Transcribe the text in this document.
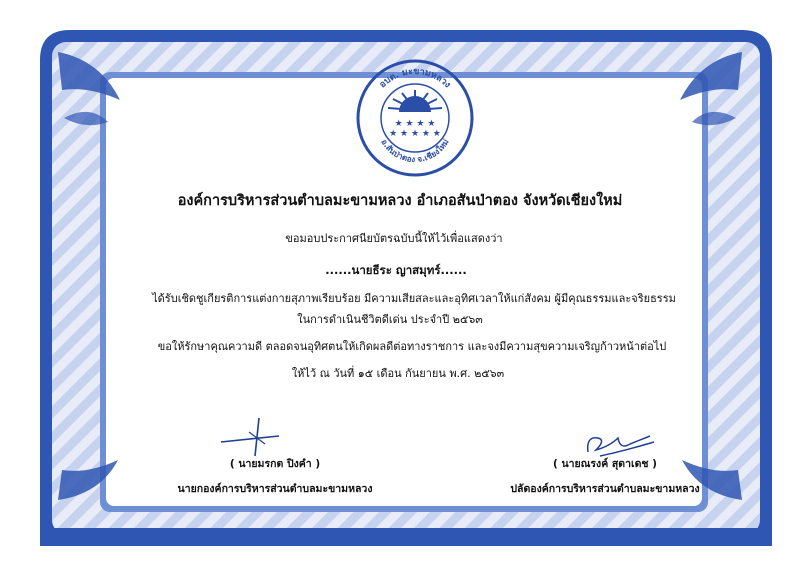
อบต. มะขามหลวง
อ.สันป่าตอง จ.เชียงใหม่
★ ★ ★ ★
★ ★ ★ ★ ★
องค์การบริหารส่วนตำบลมะขามหลวง อำเภอสันป่าตอง จังหวัดเชียงใหม่
ขอมอบประกาศนียบัตรฉบับนี้ให้ไว้เพื่อแสดงว่า
......นายธีระ ญาสมุทร์......
ได้รับเชิดชูเกียรติการแต่งกายสุภาพเรียบร้อย มีความเสียสละและอุทิศเวลาให้แก่สังคม ผู้มีคุณธรรมและจริยธรรม
ในการดำเนินชีวิตดีเด่น ประจำปี ๒๕๖๓
ขอให้รักษาคุณความดี ตลอดจนอุทิศตนให้เกิดผลดีต่อทางราชการ และจงมีความสุขความเจริญก้าวหน้าต่อไป
ให้ไว้ ณ วันที่ ๑๕ เดือน กันยายน พ.ศ. ๒๕๖๓
( นายมรกต ปิงคำ )
นายกองค์การบริหารส่วนตำบลมะขามหลวง
( นายณรงค์ สุดาเดช )
ปลัดองค์การบริหารส่วนตำบลมะขามหลวง
